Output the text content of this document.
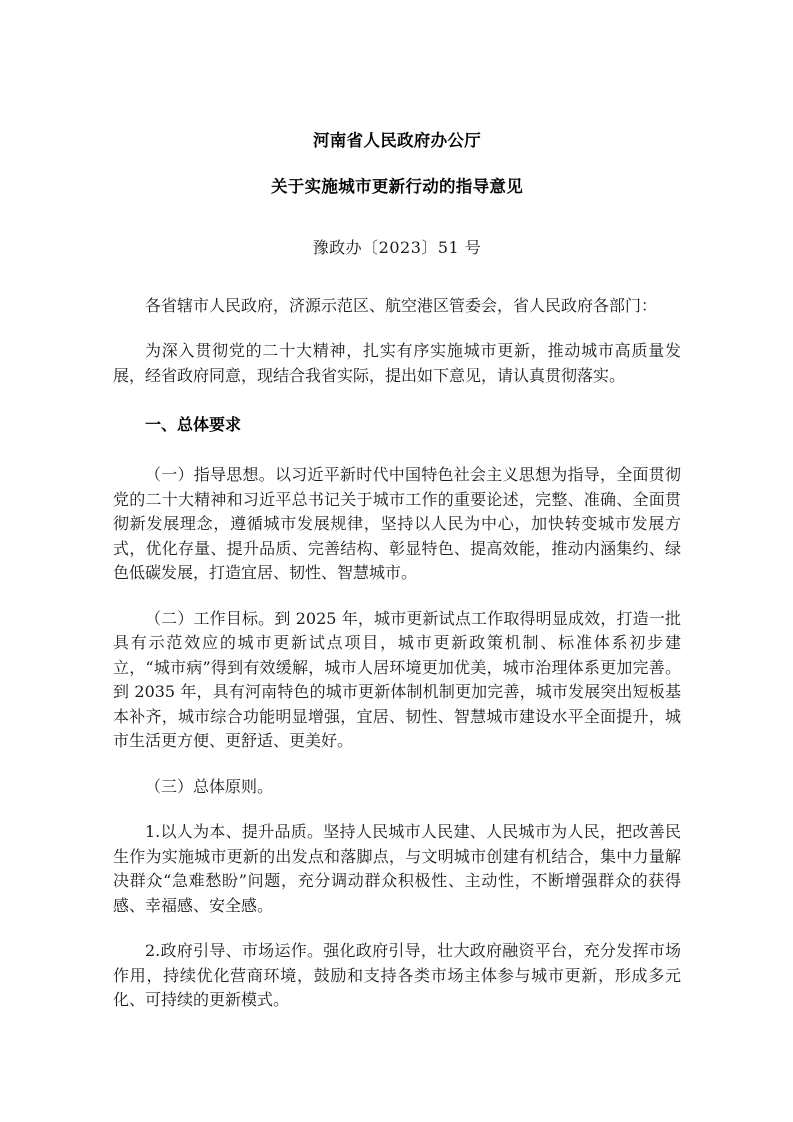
河南省人民政府办公厅
关于实施城市更新行动的指导意见
豫政办〔2023〕51 号
各省辖市人民政府，济源示范区、航空港区管委会，省人民政府各部门：
为深入贯彻党的二十大精神，扎实有序实施城市更新，推动城市高质量发展，经省政府同意，现结合我省实际，提出如下意见，请认真贯彻落实。
一、总体要求
（一）指导思想。以习近平新时代中国特色社会主义思想为指导，全面贯彻党的二十大精神和习近平总书记关于城市工作的重要论述，完整、准确、全面贯彻新发展理念，遵循城市发展规律，坚持以人民为中心，加快转变城市发展方式，优化存量、提升品质、完善结构、彰显特色、提高效能，推动内涵集约、绿色低碳发展，打造宜居、韧性、智慧城市。
（二）工作目标。到 2025 年，城市更新试点工作取得明显成效，打造一批具有示范效应的城市更新试点项目，城市更新政策机制、标准体系初步建立，“城市病”得到有效缓解，城市人居环境更加优美，城市治理体系更加完善。到 2035 年，具有河南特色的城市更新体制机制更加完善，城市发展突出短板基本补齐，城市综合功能明显增强，宜居、韧性、智慧城市建设水平全面提升，城市生活更方便、更舒适、更美好。
（三）总体原则。
1.以人为本、提升品质。坚持人民城市人民建、人民城市为人民，把改善民生作为实施城市更新的出发点和落脚点，与文明城市创建有机结合，集中力量解决群众“急难愁盼”问题，充分调动群众积极性、主动性，不断增强群众的获得感、幸福感、安全感。
2.政府引导、市场运作。强化政府引导，壮大政府融资平台，充分发挥市场作用，持续优化营商环境，鼓励和支持各类市场主体参与城市更新，形成多元化、可持续的更新模式。
